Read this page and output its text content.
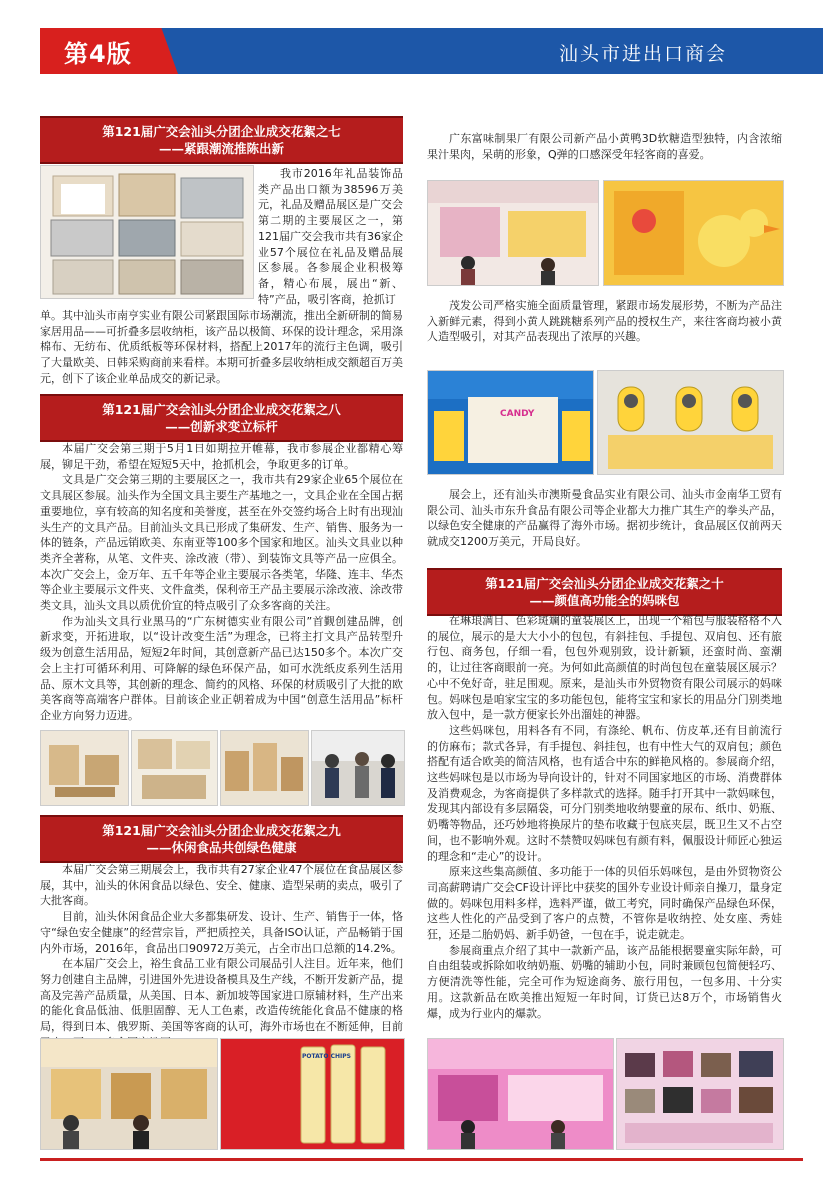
第4版	汕头市进出口商会
第121届广交会汕头分团企业成交花絮之七
——紧跟潮流推陈出新

我市2016年礼品装饰品类产品出口额为38596万美元，礼品及赠品展区是广交会第二期的主要展区之一，第121届广交会我市共有36家企业57个展位在礼品及赠品展区参展。各参展企业积极筹备，精心布展，展出“新、特”产品，吸引客商，抢抓订

单。其中汕头市南亨实业有限公司紧跟国际市场潮流，推出全新研制的简易家居用品——可折叠多层收纳柜，该产品以极简、环保的设计理念，采用涤棉布、无纺布、优质纸板等环保材料，搭配上2017年的流行主色调，吸引了大量欧美、日韩采购商前来看样。本期可折叠多层收纳柜成交额超百万美元，创下了该企业单品成交的新记录。

第121届广交会汕头分团企业成交花絮之八
——创新求变立标杆

本届广交会第三期于5月1日如期拉开帷幕，我市参展企业都精心筹展，铆足干劲，希望在短短5天中，抢抓机会，争取更多的订单。

文具是广交会第三期的主要展区之一，我市共有29家企业65个展位在文具展区参展。汕头作为全国文具主要生产基地之一，文具企业在全国占据重要地位，享有较高的知名度和美誉度，甚至在外交签约场合上时有出现汕头生产的文具产品。目前汕头文具已形成了集研发、生产、销售、服务为一体的链条，产品远销欧美、东南亚等100多个国家和地区。汕头文具业以种类齐全著称，从笔、文件夹、涂改液（带）、到装饰文具等产品一应俱全。本次广交会上，金万年、五千年等企业主要展示各类笔，华隆、连丰、华杰等企业主要展示文件夹、文件盒类，保利帝王产品主要展示涂改液、涂改带类文具，汕头文具以质优价宜的特点吸引了众多客商的关注。

作为汕头文具行业黑马的“广东树德实业有限公司”首觐创建品牌，创新求变，开拓进取，以“设计改变生活”为理念，已将主打文具产品转型升级为创意生活用品，短短2年时间，其创意新产品已达150多个。本次广交会上主打可循环利用、可降解的绿色环保产品，如可水洗纸皮系列生活用品、原木文具等，其创新的理念、简约的风格、环保的材质吸引了大批的欧美客商等高端客户群体。目前该企业正朝着成为中国“创意生活用品”标杆企业方向努力迈进。

第121届广交会汕头分团企业成交花絮之九
——休闲食品共创绿色健康

本届广交会第三期展会上，我市共有27家企业47个展位在食品展区参展，其中，汕头的休闲食品以绿色、安全、健康、造型呆萌的卖点，吸引了大批客商。

目前，汕头休闲食品企业大多都集研发、设计、生产、销售于一体，恪守“绿色安全健康”的经营宗旨，严把质控关，具备ISO认证，产品畅销于国内外市场，2016年，食品出口90972万美元，占全市出口总额的14.2%。

在本届广交会上，裕生食品工业有限公司展品引人注目。近年来，他们努力创建自主品牌，引进国外先进设备模具及生产线，不断开发新产品，提高及完善产品质量，从美国、日本、新加坡等国家进口原辅材料，生产出来的能化食品低油、低胆固醇、无人工色素，改造传统能化食品不健康的格局，得到日本、俄罗斯、美国等客商的认可，海外市场也在不断延伸，目前

POTATO CHIPS

广东富味制果厂有限公司新产品小黄鸭3D软糖造型独特，内含浓缩果汁果肉，呆萌的形象，Q弹的口感深受年轻客商的喜爱。

茂发公司严格实施全面质量管理，紧跟市场发展形势，不断为产品注入新鲜元素，得到小黄人跳跳糖系列产品的授权生产，来往客商均被小黄人造型吸引，对其产品表现出了浓厚的兴趣。

CANDY

展会上，还有汕头市澳斯曼食品实业有限公司、汕头市金南华工贸有限公司、汕头市东升食品有限公司等企业都大力推广其生产的拳头产品，以绿色安全健康的产品赢得了海外市场。据初步统计，食品展区仅前两天就成交1200万美元，开局良好。

第121届广交会汕头分团企业成交花絮之十
——颜值高功能全的妈咪包

在琳琅满目、色彩斑斓的童装展区上，出现一个箱包与服装格格不入的展位，展示的是大大小小的包包，有斜挂包、手提包、双肩包、还有旅行包、商务包，仔细一看，包包外观别致，设计新颖，还蛮时尚、蛮潮的，让过往客商眼前一亮。为何如此高颜值的时尚包包在童装展区展示？心中不免好奇，驻足围观。原来，是汕头市外贸物资有限公司展示的妈咪包。妈咪包是咱家宝宝的多功能包包，能将宝宝和家长的用品分门别类地放入包中，是一款方便家长外出溜娃的神器。

这些妈咪包，用料各有不同，有涤纶、帆布、仿皮革,还有目前流行的仿麻布；款式各异，有手提包、斜挂包，也有中性大气的双肩包；颜色搭配有适合欧美的简洁风格，也有适合中东的鲜艳风格的。参展商介绍，这些妈咪包是以市场为导向设计的，针对不同国家地区的市场、消费群体及消费观念，为客商提供了多样款式的选择。随手打开其中一款妈咪包，发现其内部设有多层隔袋，可分门别类地收纳婴童的尿布、纸巾、奶瓶、奶嘴等物品，还巧妙地将换尿片的垫布收藏于包底夹层，既卫生又不占空间，也不影响外观。这时不禁赞叹妈咪包有颜有料，佩服设计师匠心独运的理念和“走心”的设计。

原来这些集高颜值、多功能于一体的贝佰乐妈咪包，是由外贸物资公司高薪聘请广交会CF设计评比中获奖的国外专业设计师亲自操刀，量身定做的。妈咪包用料多样，选料严谨，做工考究，同时确保产品绿色环保，这些人性化的产品受到了客户的点赞，不管你是收纳控、处女座、秀娃狂，还是二胎奶妈、新手奶爸，一包在手，说走就走。

参展商重点介绍了其中一款新产品，该产品能根据婴童实际年龄，可自由组装或拆除如收纳奶瓶、奶嘴的辅助小包，同时兼顾包包简便轻巧、方便清洗等性能，完全可作为短途商务、旅行用包，一包多用、十分实用。这款新品在欧美推出短短一年时间，订货已达8万个，市场销售火爆，成为行业内的爆款。
